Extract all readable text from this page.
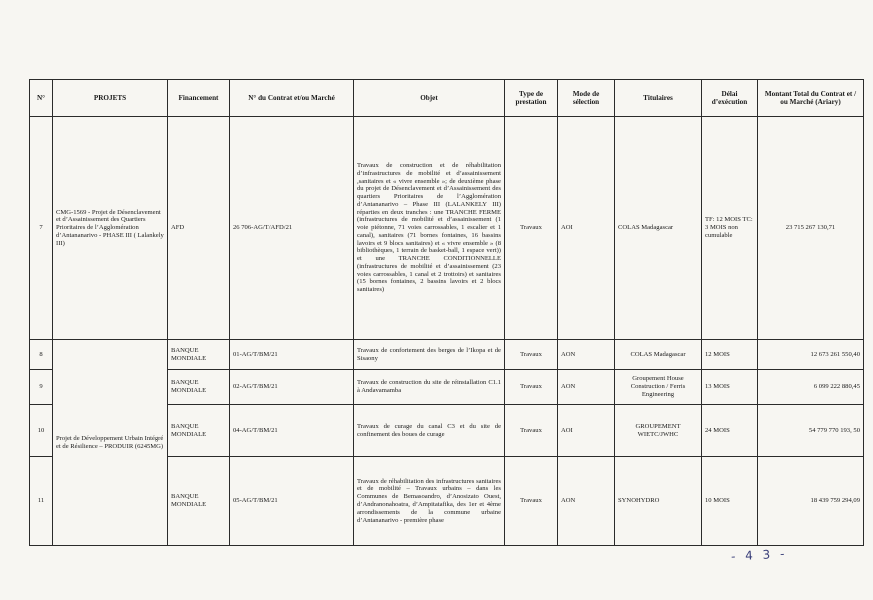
N°	PROJETS	Financement	N° du Contrat et/ou Marché	Objet	Type de prestation	Mode de sélection	Titulaires	Délai d’exécution	Montant Total du Contrat et / ou Marché (Ariary)
7	CMG-1569 - Projet de Désenclavement et d’Assainissement des Quartiers Prioritaires de l’Agglomération d’Antananarivo - PHASE III ( Lalankely III)	AFD	26 706-AG/T/AFD/21	Travaux de construction et de réhabilitation d’infrastructures de mobilité et d’assainissement ,sanitaires et « vivre ensemble »; de deuxième phase du projet de Désenclavement et d’Assainissement des quartiers Prioritaires de l’Agglomération d’Antananarivo – Phase III (LALANKELY III) réparties en deux tranches : une TRANCHE FERME (infrastructures de mobilité et d’assainissement (1 voie piétonne, 71 voies carrossables, 1 escalier et 1 canal), sanitaires (71 bornes fontaines, 16 bassins lavoirs et 9 blocs sanitaires) et « vivre ensemble » (8 bibliothèques, 1 terrain de basket-ball, 1 espace vert)) et une TRANCHE CONDITIONNELLE (infrastructures de mobilité et d’assainissement (23 voies carrossables, 1 canal et 2 trottoirs) et sanitaires (15 bornes fontaines, 2 bassins lavoirs et 2 blocs sanitaires)	Travaux	AOI	COLAS Madagascar	TF: 12 MOIS TC: 3 MOIS non cumulable	23 715 267 130,71
8	Projet de Développement Urbain Intégré et de Résilience – PRODUIR (6245MG)	BANQUE MONDIALE	01-AG/T/BM/21	Travaux de confortement des berges de l’Ikopa et de Sisaony	Travaux	AON	COLAS Madagascar	12 MOIS	12 673 261 550,40
9		BANQUE MONDIALE	02-AG/T/BM/21	Travaux de construction du site de réinstallation C1.1 à Andavamamba	Travaux	AON	Groupement House Construction / Ferris Engineering	13 MOIS	6 099 222 880,45
10		BANQUE MONDIALE	04-AG/T/BM/21	Travaux de curage du canal C3 et du site de confinement des boues de curage	Travaux	AOI	GROUPEMENT WIETC/JWHC	24 MOIS	54 779 770 193, 50
11		BANQUE MONDIALE	05-AG/T/BM/21	Travaux de réhabilitation des infrastructures sanitaires et de mobilité – Travaux urbains – dans les Communes de Bemasoandro, d’Anosizato Ouest, d’Andranonahoatra, d’Ampitatafika, des 1er et 4ème arrondissements de la commune urbaine d’Antananarivo - première phase	Travaux	AON	SYNOHYDRO	10 MOIS	18 439 759 294,09
- 4 3 -
